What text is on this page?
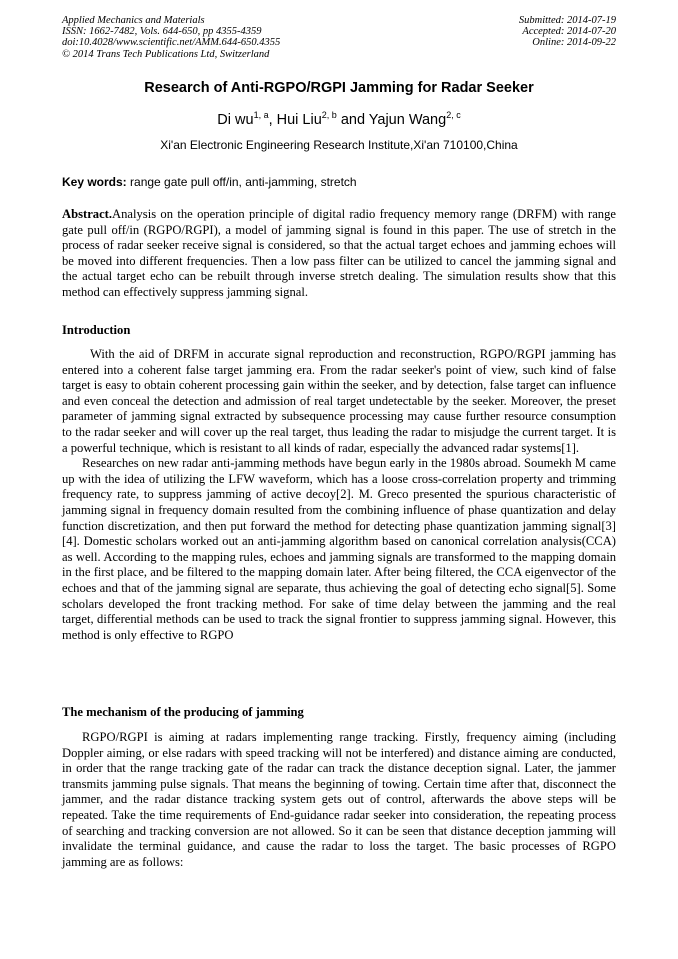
Applied Mechanics and Materials
ISSN: 1662-7482, Vols. 644-650, pp 4355-4359
doi:10.4028/www.scientific.net/AMM.644-650.4355
© 2014 Trans Tech Publications Ltd, Switzerland
Submitted: 2014-07-19
Accepted: 2014-07-20
Online: 2014-09-22
Research of Anti-RGPO/RGPI Jamming for Radar Seeker
Di wu$^{1, a}$, Hui Liu$^{2, b}$ and Yajun Wang$^{2, c}$
Xi'an Electronic Engineering Research Institute,Xi'an 710100,China
Key words: range gate pull off/in, anti-jamming, stretch

Abstract.Analysis on the operation principle of digital radio frequency memory range (DRFM) with range gate pull off/in (RGPO/RGPI), a model of jamming signal is found in this paper. The use of stretch in the process of radar seeker receive signal is considered, so that the actual target echoes and jamming echoes will be moved into different frequencies. Then a low pass filter can be utilized to cancel the jamming signal and the actual target echo can be rebuilt through inverse stretch dealing. The simulation results show that this method can effectively suppress jamming signal.

Introduction

With the aid of DRFM in accurate signal reproduction and reconstruction, RGPO/RGPI jamming has entered into a coherent false target jamming era. From the radar seeker's point of view, such kind of false target is easy to obtain coherent processing gain within the seeker, and by detection, false target can influence and even conceal the detection and admission of real target undetectable by the seeker. Moreover, the preset parameter of jamming signal extracted by subsequence processing may cause further resource consumption to the radar seeker and will cover up the real target, thus leading the radar to misjudge the current target. It is a powerful technique, which is resistant to all kinds of radar, especially the advanced radar systems[1].

Researches on new radar anti-jamming methods have begun early in the 1980s abroad. Soumekh M came up with the idea of utilizing the LFW waveform, which has a loose cross-correlation property and trimming frequency rate, to suppress jamming of active decoy[2]. M. Greco presented the spurious characteristic of jamming signal in frequency domain resulted from the combining influence of phase quantization and delay function discretization, and then put forward the method for detecting phase quantization jamming signal[3][4]. Domestic scholars worked out an anti-jamming algorithm based on canonical correlation analysis(CCA) as well. According to the mapping rules, echoes and jamming signals are transformed to the mapping domain in the first place, and be filtered to the mapping domain later. After being filtered, the CCA eigenvector of the echoes and that of the jamming signal are separate, thus achieving the goal of detecting echo signal[5]. Some scholars developed the front tracking method. For sake of time delay between the jamming and the real target, differential methods can be used to track the signal frontier to suppress jamming signal. However, this method is only effective to RGPO

The mechanism of the producing of jamming

RGPO/RGPI is aiming at radars implementing range tracking. Firstly, frequency aiming (including Doppler aiming, or else radars with speed tracking will not be interfered) and distance aiming are conducted, in order that the range tracking gate of the radar can track the distance deception signal. Later, the jammer transmits jamming pulse signals. That means the beginning of towing. Certain time after that, disconnect the jammer, and the radar distance tracking system gets out of control, afterwards the above steps will be repeated. Take the time requirements of End-guidance radar seeker into consideration, the repeating process of searching and tracking conversion are not allowed. So it can be seen that distance deception jamming will invalidate the terminal guidance, and cause the radar to loss the target. The basic processes of RGPO jamming are as follows:
